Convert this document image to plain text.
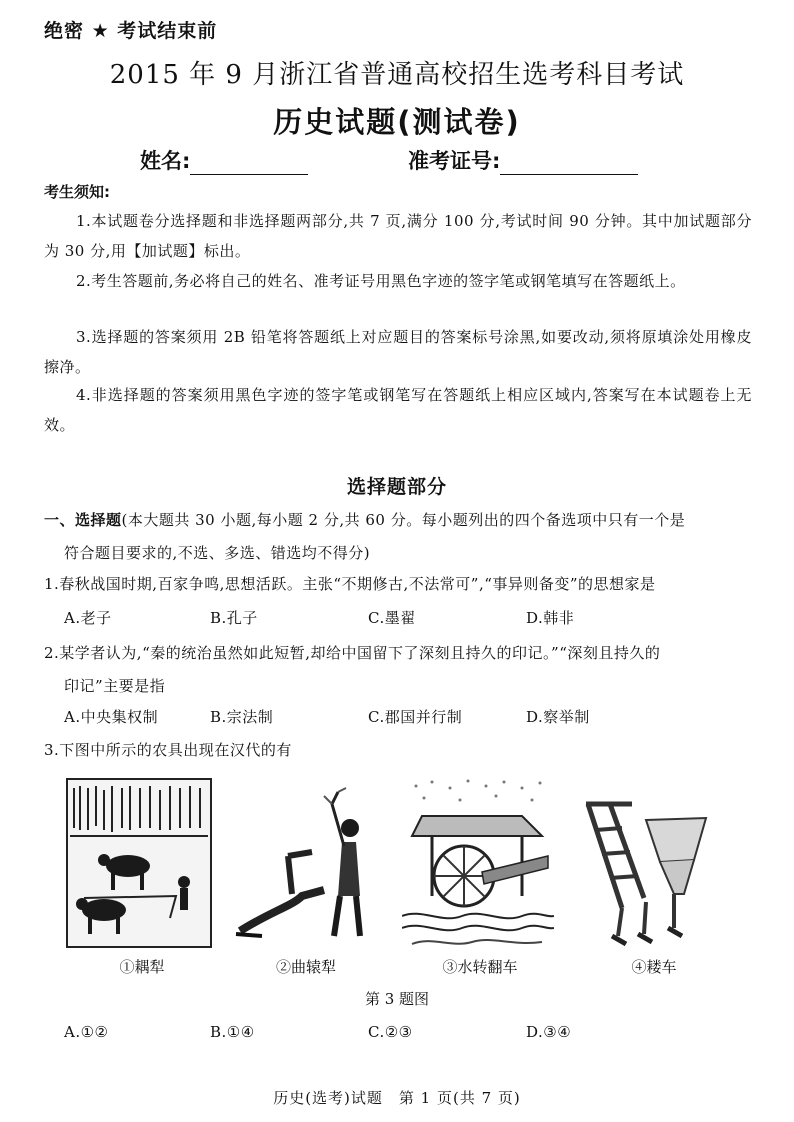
绝密 ★ 考试结束前
2015 年 9 月浙江省普通高校招生选考科目考试
历史试题(测试卷)
姓名:	准考证号:
考生须知:
1.本试题卷分选择题和非选择题两部分,共 7 页,满分 100 分,考试时间 90 分钟。其中加试题部分为 30 分,用【加试题】标出。
2.考生答题前,务必将自己的姓名、准考证号用黑色字迹的签字笔或钢笔填写在答题纸上。
3.选择题的答案须用 2B 铅笔将答题纸上对应题目的答案标号涂黑,如要改动,须将原填涂处用橡皮擦净。
4.非选择题的答案须用黑色字迹的签字笔或钢笔写在答题纸上相应区域内,答案写在本试题卷上无效。
选择题部分
一、选择题(本大题共 30 小题,每小题 2 分,共 60 分。每小题列出的四个备选项中只有一个是
符合题目要求的,不选、多选、错选均不得分)
1.春秋战国时期,百家争鸣,思想活跃。主张“不期修古,不法常可”,“事异则备变”的思想家是
A.老子	B.孔子	C.墨翟	D.韩非
2.某学者认为,“秦的统治虽然如此短暂,却给中国留下了深刻且持久的印记。”“深刻且持久的
印记”主要是指
A.中央集权制	B.宗法制	C.郡国并行制	D.察举制
3.下图中所示的农具出现在汉代的有
①耦犁	②曲辕犁	③水转翻车	④耧车
第 3 题图
A.①②	B.①④	C.②③	D.③④
历史(选考)试题　第 1 页(共 7 页)
